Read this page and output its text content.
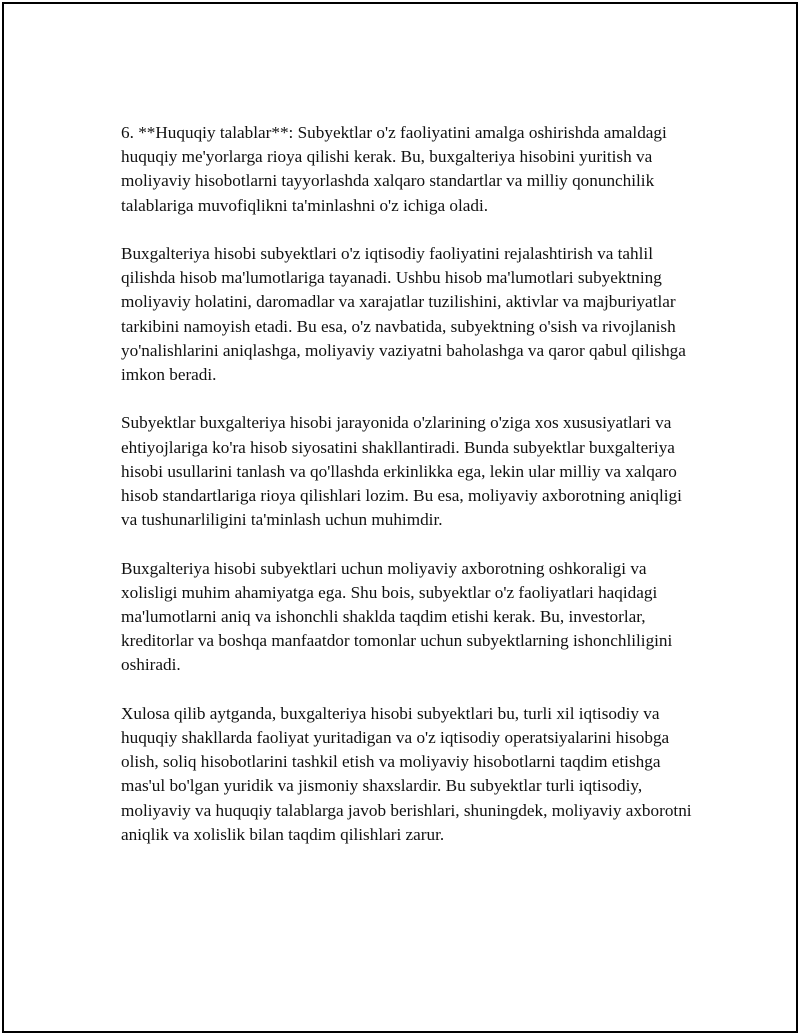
6. **Huquqiy talablar**: Subyektlar o'z faoliyatini amalga oshirishda amaldagi huquqiy me'yorlarga rioya qilishi kerak. Bu, buxgalteriya hisobini yuritish va moliyaviy hisobotlarni tayyorlashda xalqaro standartlar va milliy qonunchilik talablariga muvofiqlikni ta'minlashni o'z ichiga oladi.

Buxgalteriya hisobi subyektlari o'z iqtisodiy faoliyatini rejalashtirish va tahlil qilishda hisob ma'lumotlariga tayanadi. Ushbu hisob ma'lumotlari subyektning moliyaviy holatini, daromadlar va xarajatlar tuzilishini, aktivlar va majburiyatlar tarkibini namoyish etadi. Bu esa, o'z navbatida, subyektning o'sish va rivojlanish yo'nalishlarini aniqlashga, moliyaviy vaziyatni baholashga va qaror qabul qilishga imkon beradi.

Subyektlar buxgalteriya hisobi jarayonida o'zlarining o'ziga xos xususiyatlari va ehtiyojlariga ko'ra hisob siyosatini shakllantiradi. Bunda subyektlar buxgalteriya hisobi usullarini tanlash va qo'llashda erkinlikka ega, lekin ular milliy va xalqaro hisob standartlariga rioya qilishlari lozim. Bu esa, moliyaviy axborotning aniqligi va tushunarliligini ta'minlash uchun muhimdir.

Buxgalteriya hisobi subyektlari uchun moliyaviy axborotning oshkoraligi va xolisligi muhim ahamiyatga ega. Shu bois, subyektlar o'z faoliyatlari haqidagi ma'lumotlarni aniq va ishonchli shaklda taqdim etishi kerak. Bu, investorlar, kreditorlar va boshqa manfaatdor tomonlar uchun subyektlarning ishonchliligini oshiradi.

Xulosa qilib aytganda, buxgalteriya hisobi subyektlari bu, turli xil iqtisodiy va huquqiy shakllarda faoliyat yuritadigan va o'z iqtisodiy operatsiyalarini hisobga olish, soliq hisobotlarini tashkil etish va moliyaviy hisobotlarni taqdim etishga mas'ul bo'lgan yuridik va jismoniy shaxslardir. Bu subyektlar turli iqtisodiy, moliyaviy va huquqiy talablarga javob berishlari, shuningdek, moliyaviy axborotni aniqlik va xolislik bilan taqdim qilishlari zarur.
